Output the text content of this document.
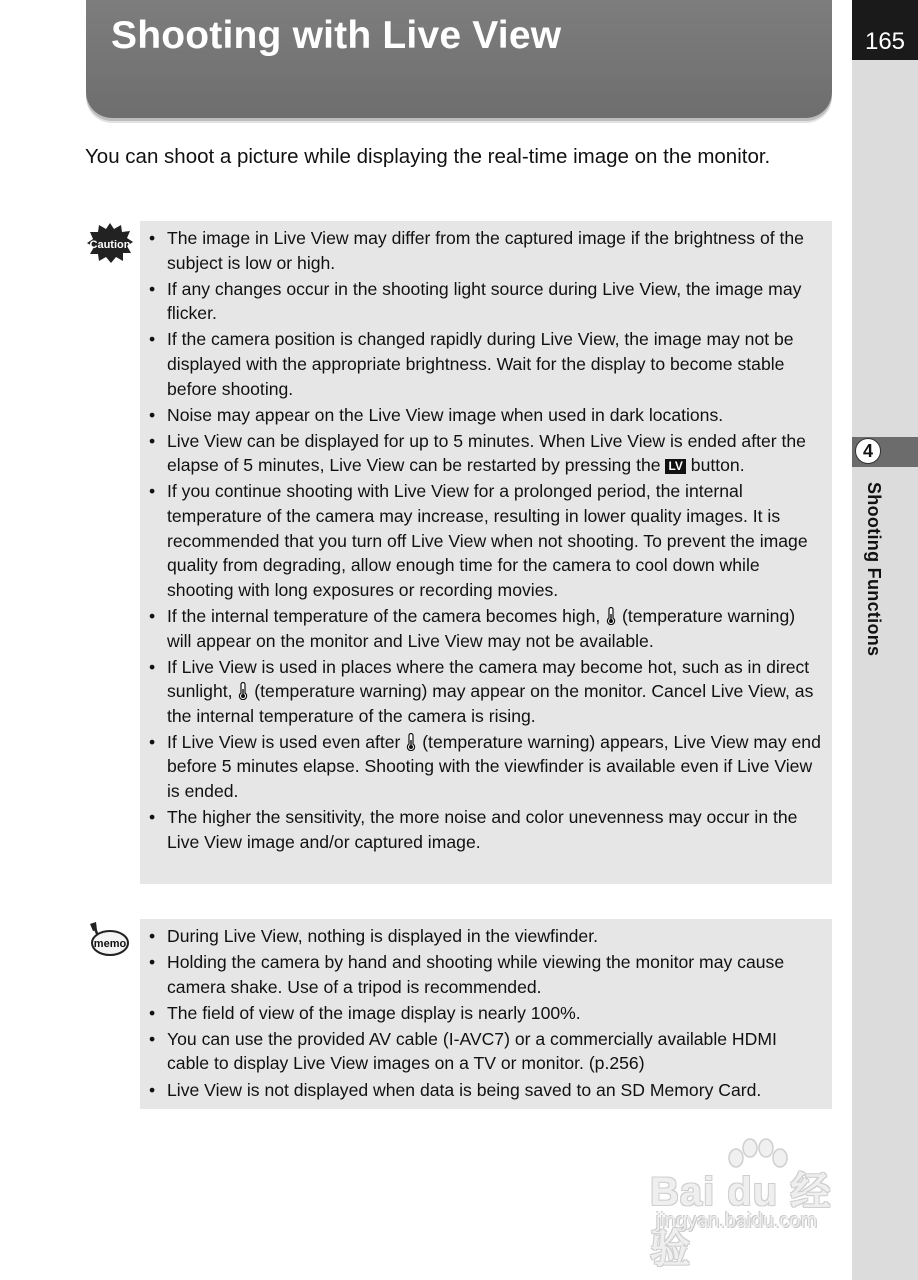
165
4
Shooting Functions
Shooting with Live View

You can shoot a picture while displaying the real-time image on the monitor.

Caution	• The image in Live View may differ from the captured image if the brightness of the subject is low or high.
• If any changes occur in the shooting light source during Live View, the image may flicker.
• If the camera position is changed rapidly during Live View, the image may not be displayed with the appropriate brightness. Wait for the display to become stable before shooting.
• Noise may appear on the Live View image when used in dark locations.
• Live View can be displayed for up to 5 minutes. When Live View is ended after the elapse of 5 minutes, Live View can be restarted by pressing the LV button.
• If you continue shooting with Live View for a prolonged period, the internal temperature of the camera may increase, resulting in lower quality images. It is recommended that you turn off Live View when not shooting. To prevent the image quality from degrading, allow enough time for the camera to cool down while shooting with long exposures or recording movies.
• If the internal temperature of the camera becomes high,  (temperature warning) will appear on the monitor and Live View may not be available.
• If Live View is used in places where the camera may become hot, such as in direct sunlight,  (temperature warning) may appear on the monitor. Cancel Live View, as the internal temperature of the camera is rising.
• If Live View is used even after  (temperature warning) appears, Live View may end before 5 minutes elapse. Shooting with the viewfinder is available even if Live View is ended.
• The higher the sensitivity, the more noise and color unevenness may occur in the Live View image and/or captured image.
memo	• During Live View, nothing is displayed in the viewfinder.
• Holding the camera by hand and shooting while viewing the monitor may cause camera shake. Use of a tripod is recommended.
• The field of view of the image display is nearly 100%.
• You can use the provided AV cable (I-AVC7) or a commercially available HDMI cable to display Live View images on a TV or monitor. (p.256)
• Live View is not displayed when data is being saved to an SD Memory Card.
Bai du 经验
jingyan.baidu.com
